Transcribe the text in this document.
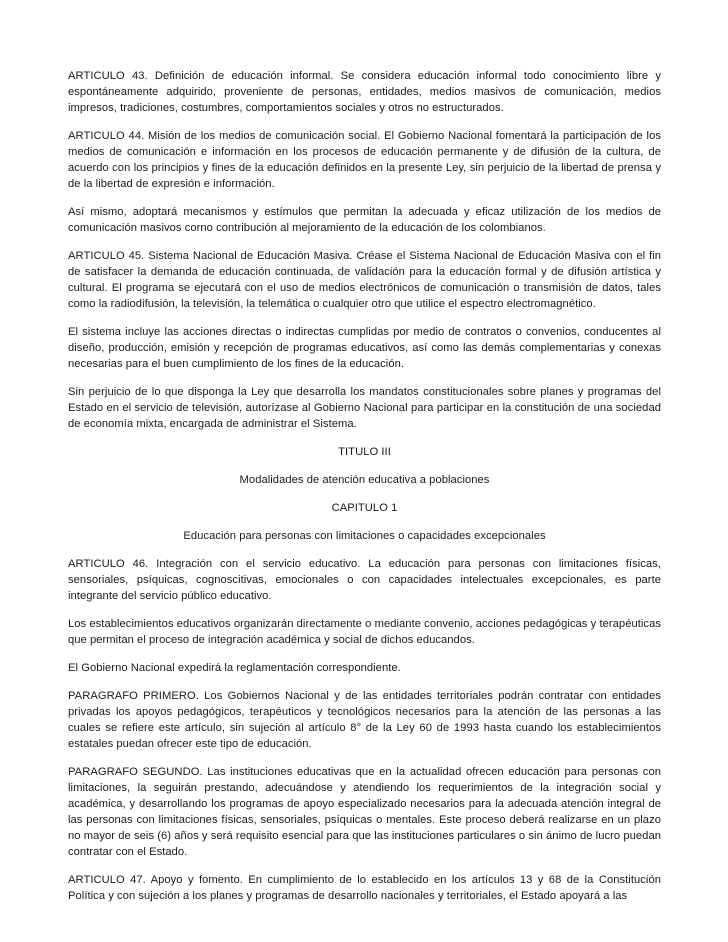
ARTICULO 43. Definición de educación informal. Se considera educación informal todo conocimiento libre y espontáneamente adquirido, proveniente de personas, entidades, medios masivos de comunicación, medios impresos, tradiciones, costumbres, comportamientos sociales y otros no estructurados.

ARTICULO 44. Misión de los medios de comunicación social. El Gobierno Nacional fomentará la participación de los medios de comunicación e información en los procesos de educación permanente y de difusión de la cultura, de acuerdo con los principios y fines de la educación definidos en la presente Ley, sin perjuicio de la libertad de prensa y de la libertad de expresión e información.

Así mismo, adoptará mecanismos y estímulos que permitan la adecuada y eficaz utilización de los medios de comunicación masivos corno contribución al mejoramiento de la educación de los colombianos.

ARTICULO 45. Sistema Nacional de Educación Masiva. Créase el Sistema Nacional de Educación Masiva con el fin de satisfacer la demanda de educación continuada, de validación para la educación formal y de difusión artística y cultural. El programa se ejecutará con el uso de medios electrónicos de comunicación o transmisión de datos, tales como la radiodifusión, la televisión, la telemática o cualquier otro que utilice el espectro electromagnético.

El sistema incluye las acciones directas o indirectas cumplidas por medio de contratos o convenios, conducentes al diseño, producción, emisión y recepción de programas educativos, así como las demás complementarias y conexas necesarias para el buen cumplimiento de los fines de la educación.

Sin perjuicio de lo que disponga la Ley que desarrolla los mandatos constitucionales sobre planes y programas del Estado en el servicio de televisión, autorízase al Gobierno Nacional para participar en la constitución de una sociedad de economía mixta, encargada de administrar el Sistema.

TITULO III

Modalidades de atención educativa a poblaciones

CAPITULO 1

Educación para personas con limitaciones o capacidades excepcionales

ARTICULO 46. Integración con el servicio educativo. La educación para personas con limitaciones físicas, sensoriales, psíquicas, cognoscitivas, emocionales o con capacidades intelectuales excepcionales, es parte integrante del servicio público educativo.

Los establecimientos educativos organizarán directamente o mediante convenio, acciones pedagógicas y terapéuticas que permitan el proceso de integración académica y social de dichos educandos.

El Gobierno Nacional expedirá la reglamentación correspondiente.

PARAGRAFO PRIMERO. Los Gobiernos Nacional y de las entidades territoriales podrán contratar con entidades privadas los apoyos pedagógicos, terapéuticos y tecnológicos necesarios para la atención de las personas a las cuales se refiere este artículo, sin sujeción al artículo 8° de la Ley 60 de 1993 hasta cuando los establecimientos estatales puedan ofrecer este tipo de educación.

PARAGRAFO SEGUNDO. Las instituciones educativas que en la actualidad ofrecen educación para personas con limitaciones, la seguirán prestando, adecuándose y atendiendo los requerimientos de la integración social y académica, y desarrollando los programas de apoyo especializado necesarios para la adecuada atención integral de las personas con limitaciones físicas, sensoriales, psíquicas o mentales. Este proceso deberá realizarse en un plazo no mayor de seis (6) años y será requisito esencial para que las instituciones particulares o sin ánimo de lucro puedan contratar con el Estado.

ARTICULO 47. Apoyo y fomento. En cumplimiento de lo establecido en los artículos 13 y 68 de la Constitución Política y con sujeción a los planes y programas de desarrollo nacionales y territoriales, el Estado apoyará a las
